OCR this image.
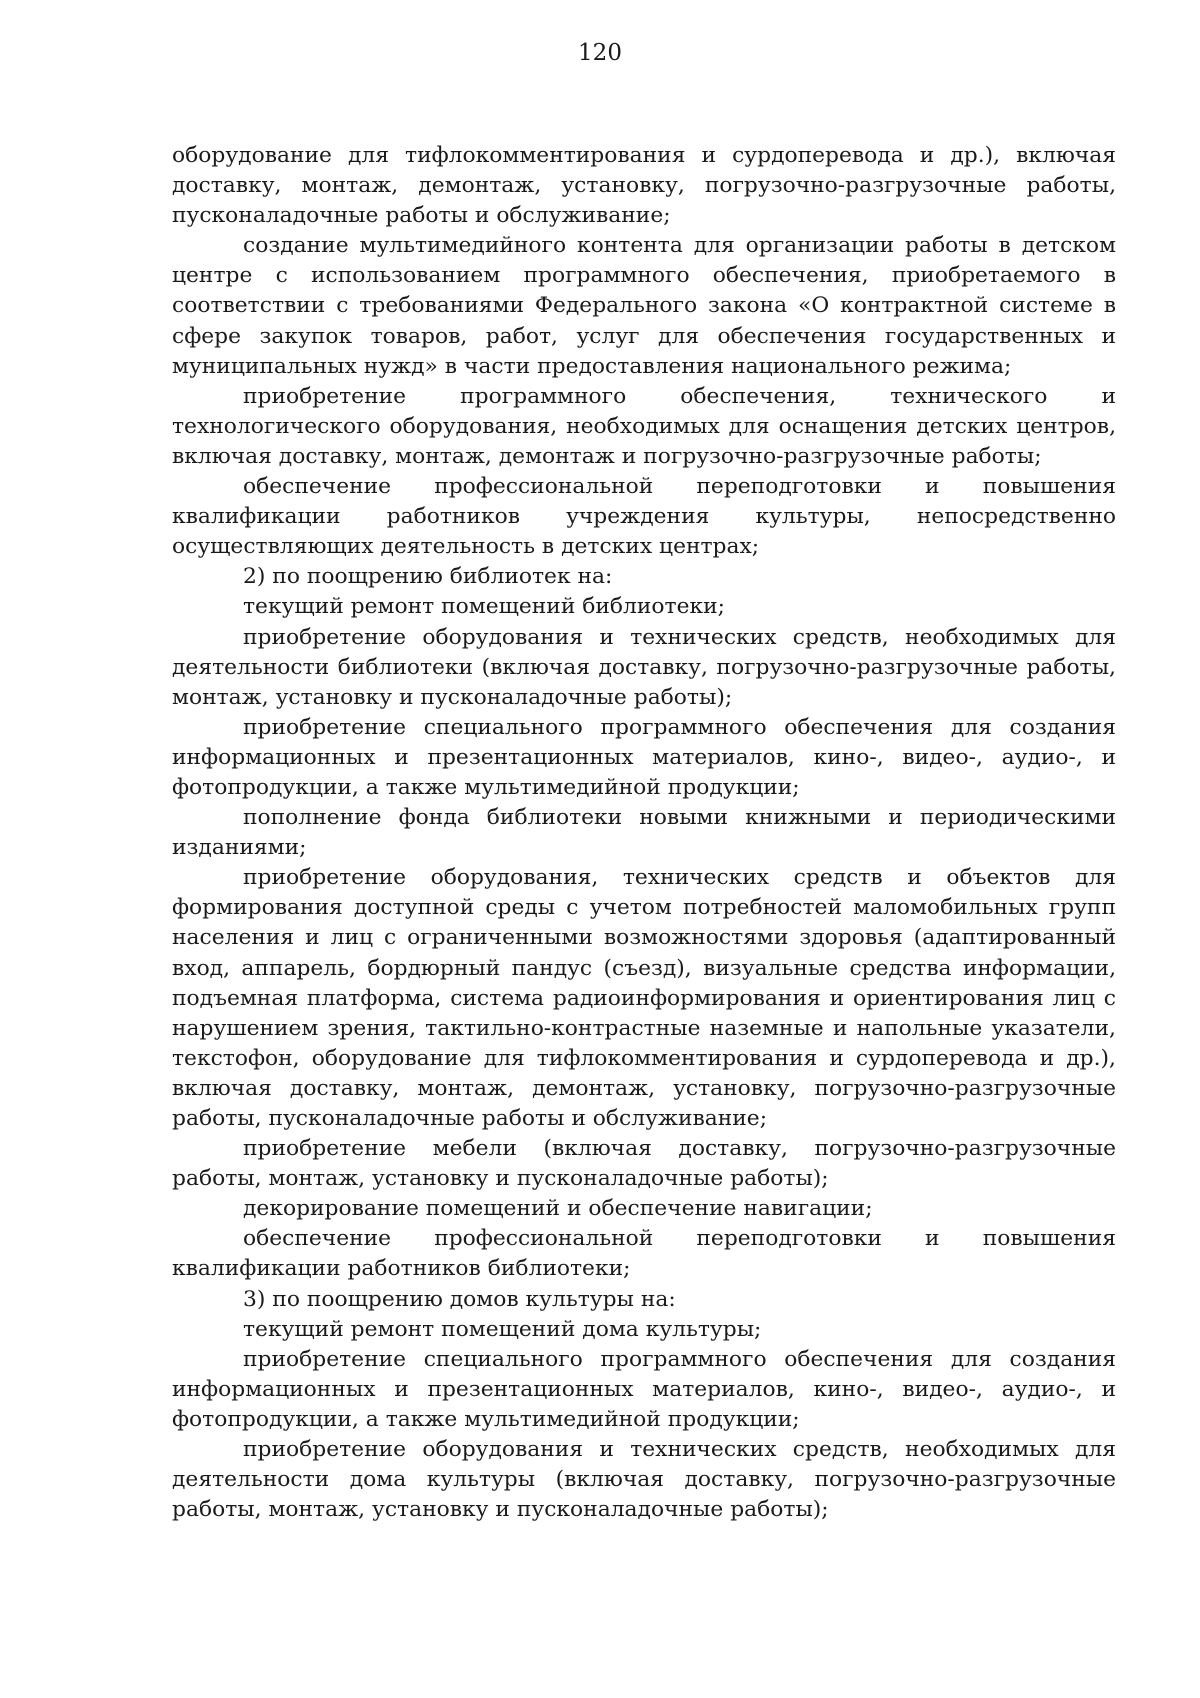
120

оборудование для тифлокомментирования и сурдоперевода и др.), включая доставку, монтаж, демонтаж, установку, погрузочно-разгрузочные работы, пусконаладочные работы и обслуживание;

создание мультимедийного контента для организации работы в детском центре с использованием программного обеспечения, приобретаемого в соответствии с требованиями Федерального закона «О контрактной системе в сфере закупок товаров, работ, услуг для обеспечения государственных и муниципальных нужд» в части предоставления национального режима;

приобретение программного обеспечения, технического и технологического оборудования, необходимых для оснащения детских центров, включая доставку, монтаж, демонтаж и погрузочно-разгрузочные работы;

обеспечение профессиональной переподготовки и повышения квалификации работников учреждения культуры, непосредственно осуществляющих деятельность в детских центрах;

2) по поощрению библиотек на:

текущий ремонт помещений библиотеки;

приобретение оборудования и технических средств, необходимых для деятельности библиотеки (включая доставку, погрузочно-разгрузочные работы, монтаж, установку и пусконаладочные работы);

приобретение специального программного обеспечения для создания информационных и презентационных материалов, кино-, видео-, аудио-, и фотопродукции, а также мультимедийной продукции;

пополнение фонда библиотеки новыми книжными и периодическими изданиями;

приобретение оборудования, технических средств и объектов для формирования доступной среды с учетом потребностей маломобильных групп населения и лиц с ограниченными возможностями здоровья (адаптированный вход, аппарель, бордюрный пандус (съезд), визуальные средства информации, подъемная платформа, система радиоинформирования и ориентирования лиц с нарушением зрения, тактильно-контрастные наземные и напольные указатели, текстофон, оборудование для тифлокомментирования и сурдоперевода и др.), включая доставку, монтаж, демонтаж, установку, погрузочно-разгрузочные работы, пусконаладочные работы и обслуживание;

приобретение мебели (включая доставку, погрузочно-разгрузочные работы, монтаж, установку и пусконаладочные работы);

декорирование помещений и обеспечение навигации;

обеспечение профессиональной переподготовки и повышения квалификации работников библиотеки;

3) по поощрению домов культуры на:

текущий ремонт помещений дома культуры;

приобретение специального программного обеспечения для создания информационных и презентационных материалов, кино-, видео-, аудио-, и фотопродукции, а также мультимедийной продукции;

приобретение оборудования и технических средств, необходимых для деятельности дома культуры (включая доставку, погрузочно-разгрузочные работы, монтаж, установку и пусконаладочные работы);
